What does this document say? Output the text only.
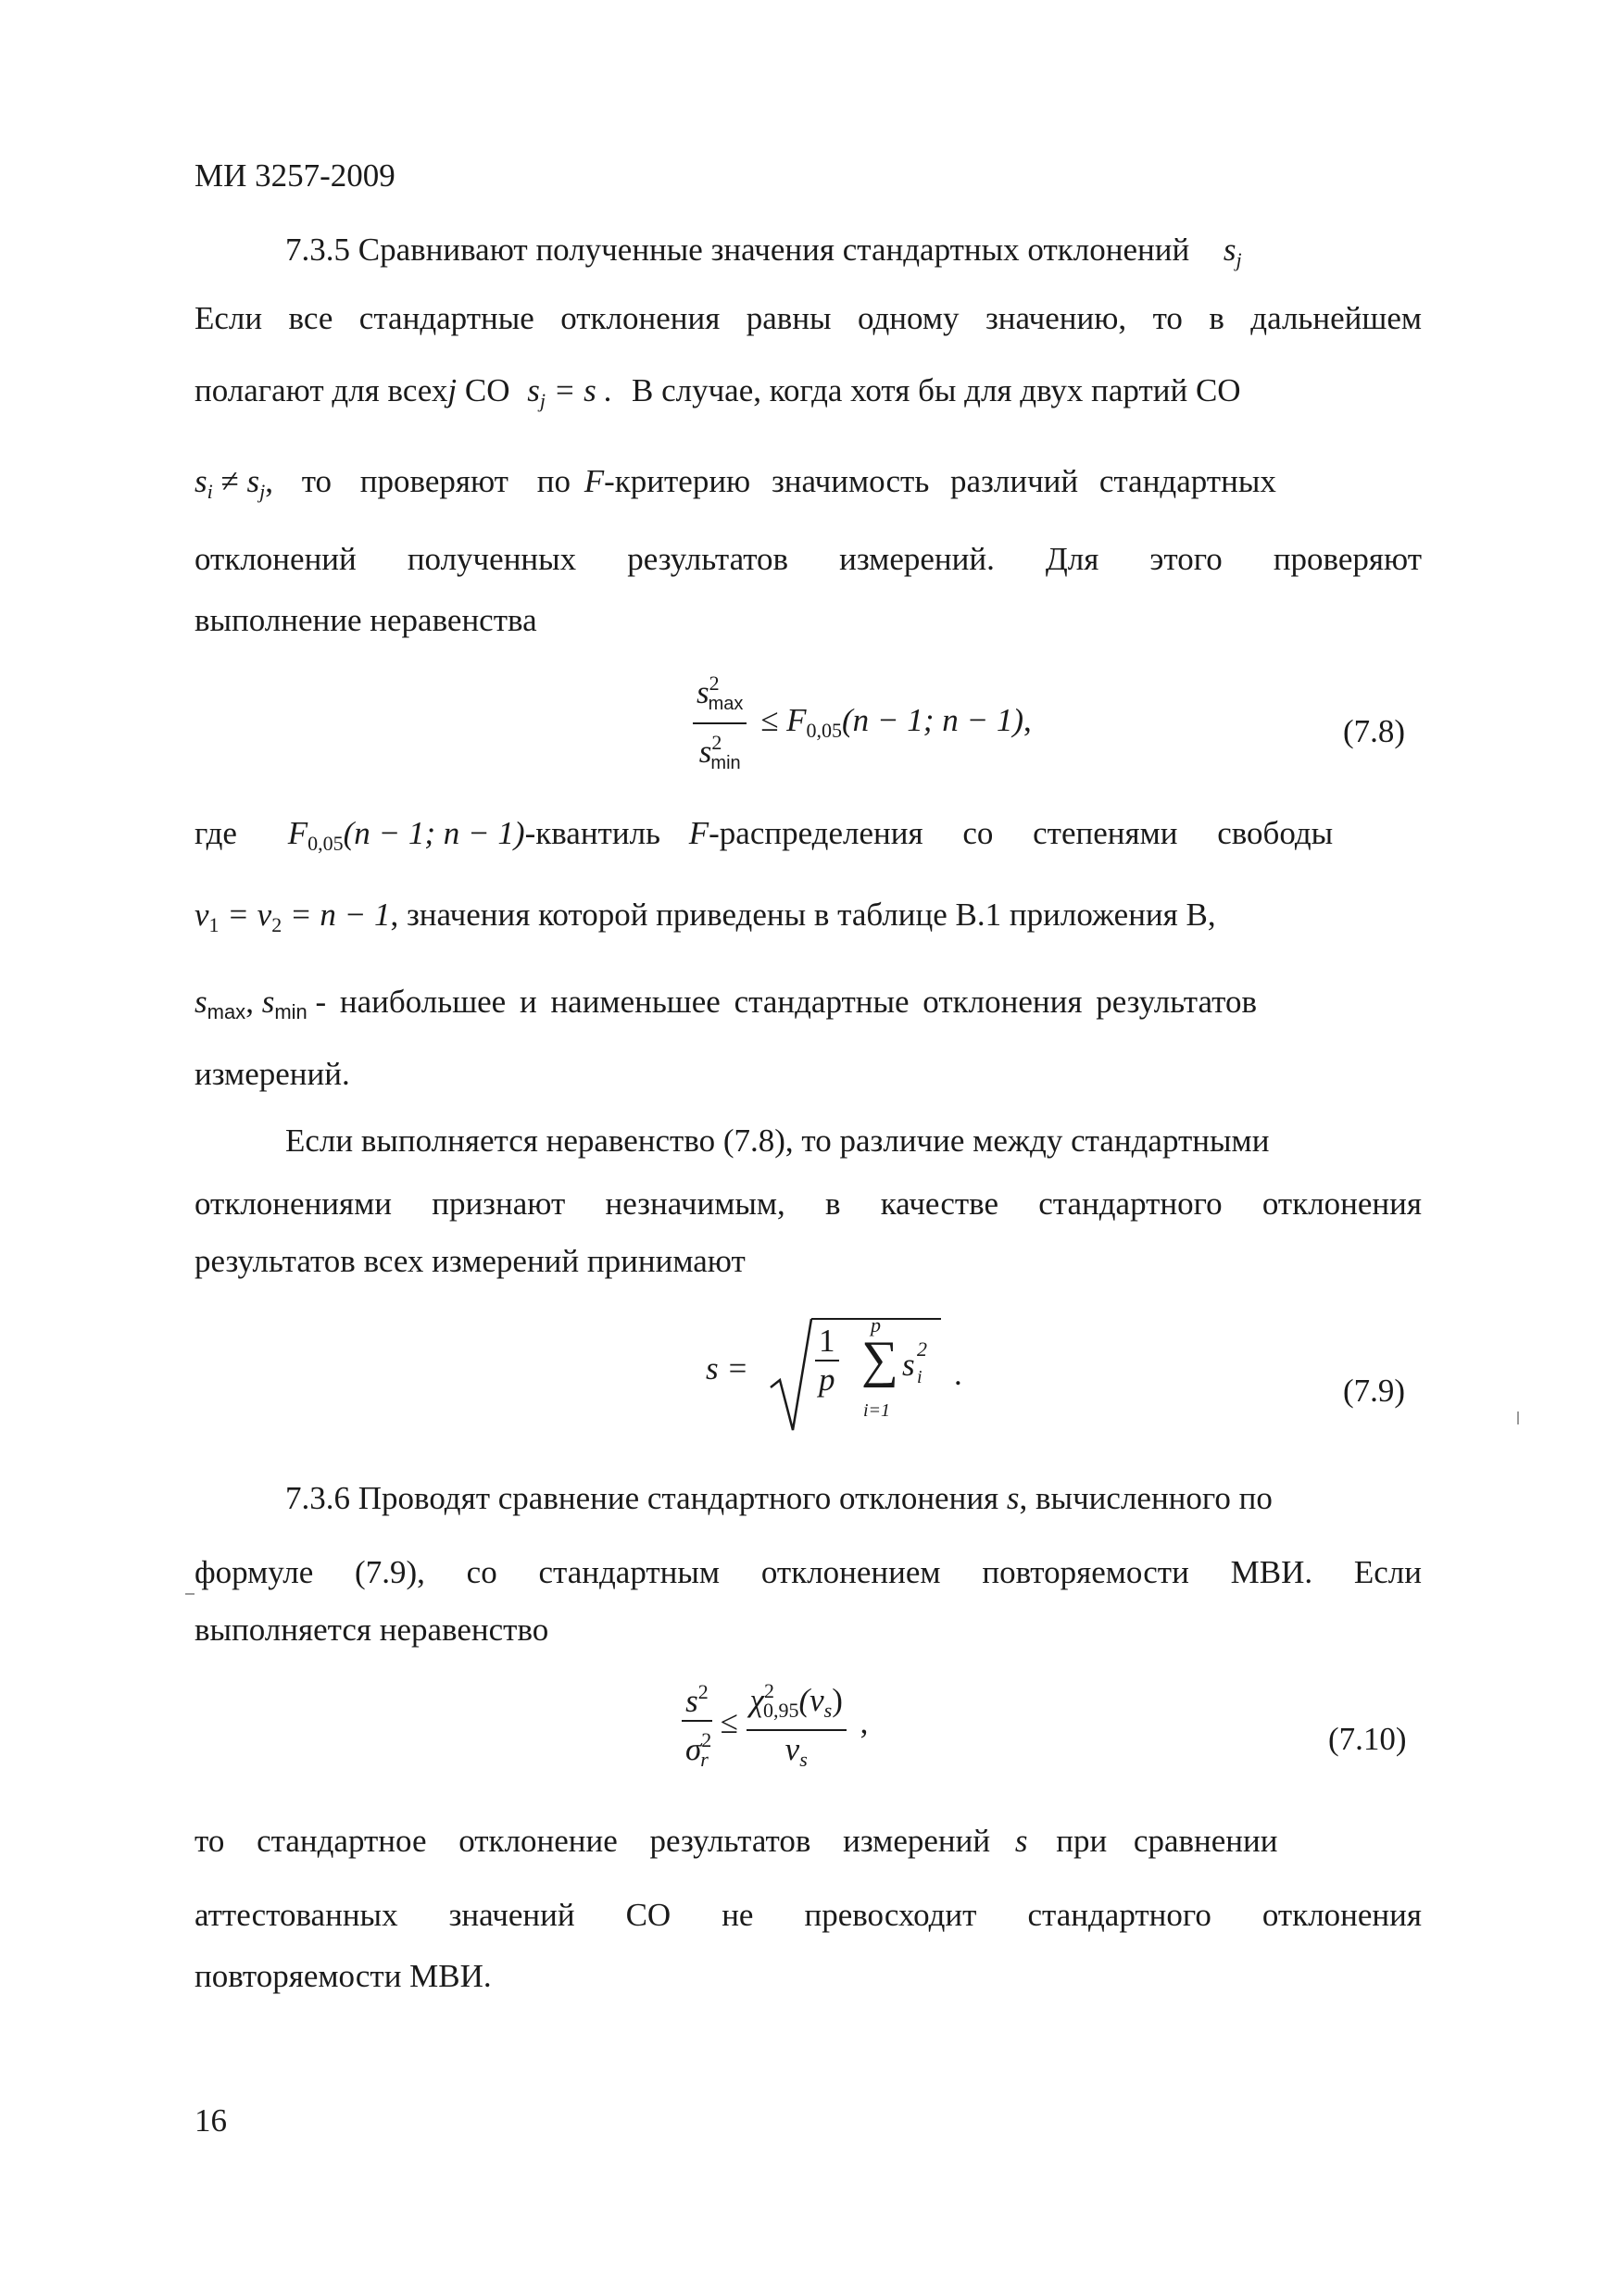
МИ 3257-2009
7.3.5 Сравнивают полученные значения стандартных отклонений $s_j$
Если все стандартные отклонения равны одному значению, то в дальнейшем
полагают для всехj СО $s_j = s$ . В случае, когда хотя бы для двух партий СО
$s_i \ne s_j$, то проверяют по F-критерию значимость различий стандартных
отклонений полученных результатов измерений. Для этого проверяют
выполнение неравенства
$\frac{s^2_{max}}{s^2_{min}} \le F_{0,05}(n - 1$; n − 1),	(7.8)
где $F_{0,05}(n - 1$; n − 1)-квантиль F-распределения со степенями свободы
$\nu_1 = \nu_2 = n - 1$, значения которой приведены в таблице В.1 приложения В,
$s_{max}$, $s_{min}$ - наибольшее и наименьшее стандартные отклонения результатов
измерений.
Если выполняется неравенство (7.8), то различие между стандартными
отклонениями признают незначимым, в качестве стандартного отклонения
результатов всех измерений принимают
$s = \frac{1}{p}$ p
∑
i=1
s 2
i .	(7.9)
7.3.6 Проводят сравнение стандартного отклонения s, вычисленного по
формуле (7.9), со стандартным отклонением повторяемости МВИ. Если
выполняется неравенство
$\frac{s^2}{\sigma^2_r} \le \frac{\chi^2_{0,95}(\nu_s)}{\nu_s}$ ,	(7.10)
то стандартное отклонение результатов измерений s при сравнении
аттестованных значений СО не превосходит стандартного отклонения
повторяемости МВИ.
16
